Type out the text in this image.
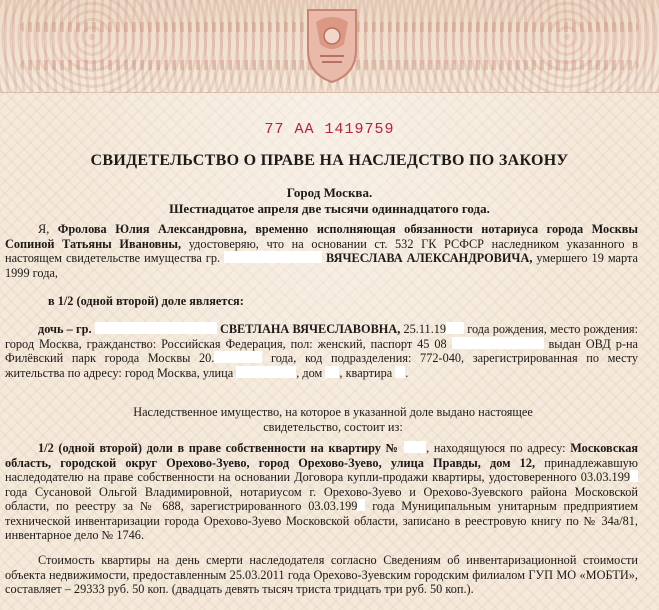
77 АА 1419759
СВИДЕТЕЛЬСТВО О ПРАВЕ НА НАСЛЕДСТВО ПО ЗАКОНУ
Город Москва.
Шестнадцатое апреля две тысячи одиннадцатого года.

Я, Фролова Юлия Александровна, временно исполняющая обязанности нотариуса города Москвы Сопиной Татьяны Ивановны, удостоверяю, что на основании ст. 532 ГК РСФСР наследником указанного в настоящем свидетельстве имущества гр.	ВЯЧЕСЛАВА АЛЕКСАНДРОВИЧА, умершего 19 марта 1999 года,

в 1/2 (одной второй) доле является:

дочь – гр.	СВЕТЛАНА ВЯЧЕСЛАВОВНА, 25.11.19 года рождения, место рождения: город Москва, гражданство: Российская Федерация, пол: женский, паспорт 45 08	выдан ОВД р-на Филёвский парк города Москвы 20.	года, код подразделения: 772-040, зарегистрированная по месту жительства по адресу: город Москва, улица	, дом , квартира .

Наследственное имущество, на которое в указанной доле выдано настоящее свидетельство, состоит из:

1/2 (одной второй) доли в праве собственности на квартиру № , находящуюся по адресу: Московская область, городской округ Орехово-Зуево, город Орехово-Зуево, улица Правды, дом 12, принадлежавшую наследодателю на праве собственности на основании Договора купли-продажи квартиры, удостоверенного 03.03.199 года Сусановой Ольгой Владимировной, нотариусом г. Орехово-Зуево и Орехово-Зуевского района Московской области, по реестру за № 688, зарегистрированного 03.03.199 года Муниципальным унитарным предприятием технической инвентаризации города Орехово-Зуево Московской области, записано в реестровую книгу по № 34а/81, инвентарное дело № 1746.

Стоимость квартиры на день смерти наследодателя согласно Сведениям об инвентаризационной стоимости объекта недвижимости, предоставленным 25.03.2011 года Орехово-Зуевским городским филиалом ГУП МО «МОБТИ», составляет – 29333 руб. 50 коп. (двадцать девять тысяч триста тридцать три руб. 50 коп.).
